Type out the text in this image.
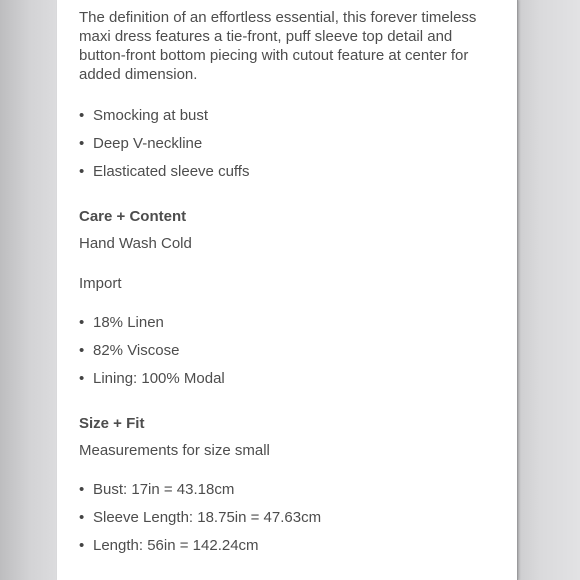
The definition of an effortless essential, this forever timeless maxi dress features a tie-front, puff sleeve top detail and button-front bottom piecing with cutout feature at center for added dimension.

• Smocking at bust
• Deep V-neckline
• Elasticated sleeve cuffs

Care + Content

Hand Wash Cold

Import

• 18% Linen
• 82% Viscose
• Lining: 100% Modal

Size + Fit

Measurements for size small

• Bust: 17in = 43.18cm
• Sleeve Length: 18.75in = 47.63cm
• Length: 56in = 142.24cm
